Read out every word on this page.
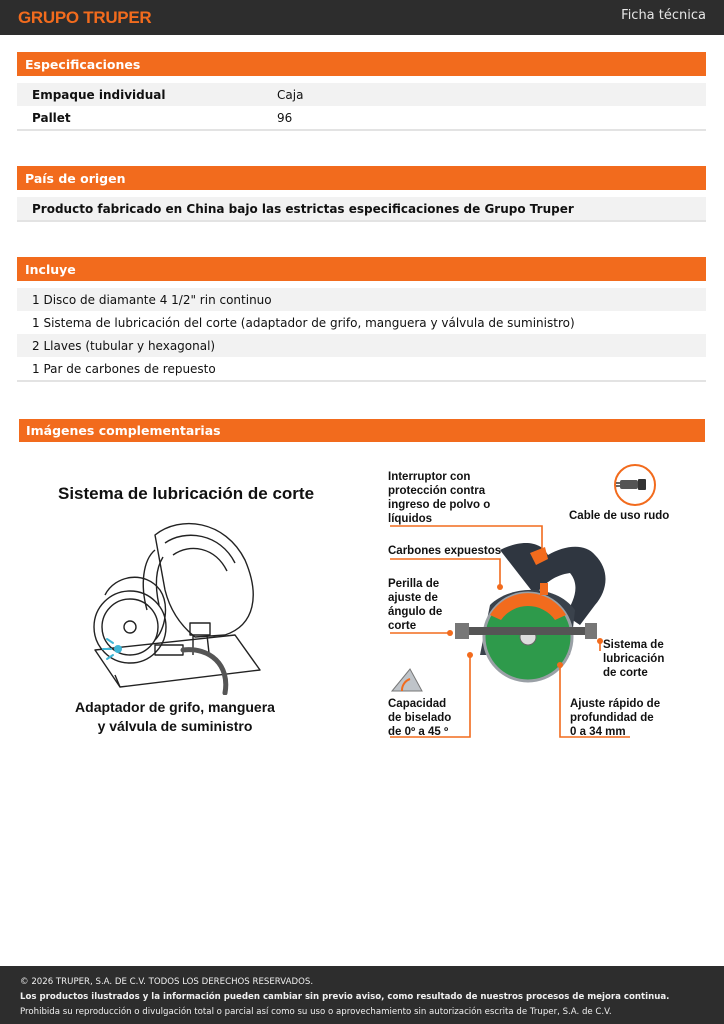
GRUPO TRUPER	Ficha técnica
Especificaciones
Empaque individual	Caja
Pallet	96
País de origen
Producto fabricado en China bajo las estrictas especificaciones de Grupo Truper
Incluye
1 Disco de diamante 4 1/2" rin continuo
1 Sistema de lubricación del corte (adaptador de grifo, manguera y válvula de suministro)
2 Llaves (tubular y hexagonal)
1 Par de carbones de repuesto
Imágenes complementarias
Sistema de lubricación de corte
Adaptador de grifo, manguera
y válvula de suministro
Interruptor con
protección contra
ingreso de polvo o
líquidos	Cable de uso rudo
Carbones expuestos
Perilla de
ajuste de
ángulo de
corte
Sistema de
lubricación
de corte
Capacidad
de biselado
de 0º a 45 º
Ajuste rápido de
profundidad de
0 a 34 mm
© 2026 TRUPER, S.A. DE C.V. TODOS LOS DERECHOS RESERVADOS.
Los productos ilustrados y la información pueden cambiar sin previo aviso, como resultado de nuestros procesos de mejora continua.
Prohibida su reproducción o divulgación total o parcial así como su uso o aprovechamiento sin autorización escrita de Truper, S.A. de C.V.
